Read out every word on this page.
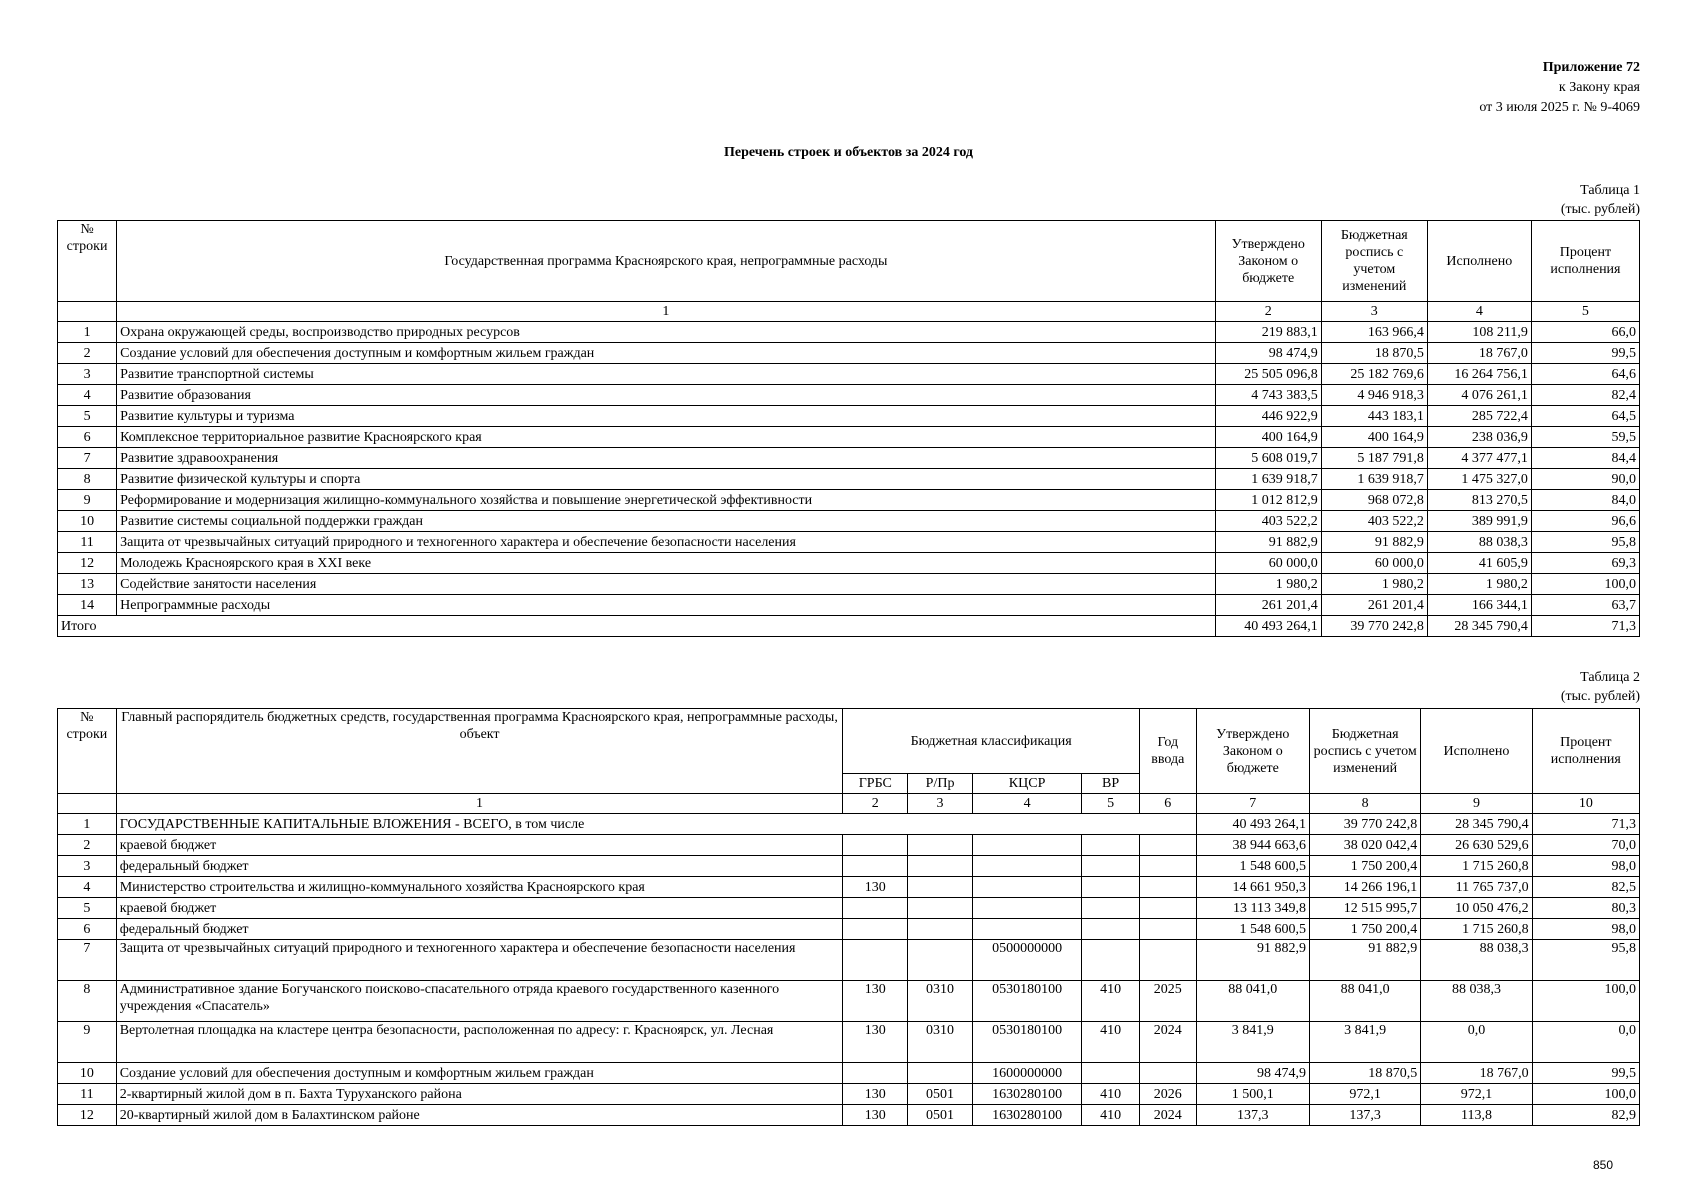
Приложение 72
к Закону края
от 3 июля 2025 г. № 9-4069
Перечень строек и объектов за 2024 год
Таблица 1
(тыс. рублей)
№ строки	Государственная программа Красноярского края, непрограммные расходы	Утверждено Законом о бюджете	Бюджетная роспись с учетом изменений	Исполнено	Процент исполнения
	1	2	3	4	5
1	Охрана окружающей среды, воспроизводство природных ресурсов	219 883,1	163 966,4	108 211,9	66,0
2	Создание условий для обеспечения доступным и комфортным жильем граждан	98 474,9	18 870,5	18 767,0	99,5
3	Развитие транспортной системы	25 505 096,8	25 182 769,6	16 264 756,1	64,6
4	Развитие образования	4 743 383,5	4 946 918,3	4 076 261,1	82,4
5	Развитие культуры и туризма	446 922,9	443 183,1	285 722,4	64,5
6	Комплексное территориальное развитие Красноярского края	400 164,9	400 164,9	238 036,9	59,5
7	Развитие здравоохранения	5 608 019,7	5 187 791,8	4 377 477,1	84,4
8	Развитие физической культуры и спорта	1 639 918,7	1 639 918,7	1 475 327,0	90,0
9	Реформирование и модернизация жилищно-коммунального хозяйства и повышение энергетической эффективности	1 012 812,9	968 072,8	813 270,5	84,0
10	Развитие системы социальной поддержки граждан	403 522,2	403 522,2	389 991,9	96,6
11	Защита от чрезвычайных ситуаций природного и техногенного характера и обеспечение безопасности населения	91 882,9	91 882,9	88 038,3	95,8
12	Молодежь Красноярского края в XXI веке	60 000,0	60 000,0	41 605,9	69,3
13	Содействие занятости населения	1 980,2	1 980,2	1 980,2	100,0
14	Непрограммные расходы	261 201,4	261 201,4	166 344,1	63,7
Итого		40 493 264,1	39 770 242,8	28 345 790,4	71,3
Таблица 2
(тыс. рублей)
№ строки	Главный распорядитель бюджетных средств, государственная программа Красноярского края, непрограммные расходы, объект	Бюджетная классификация				Год ввода	Утверждено Законом о бюджете	Бюджетная роспись с учетом изменений	Исполнено	Процент исполнения
		ГРБС	Р/Пр	КЦСР	ВР					
	1	2	3	4	5	6	7	8	9	10
1	ГОСУДАРСТВЕННЫЕ КАПИТАЛЬНЫЕ ВЛОЖЕНИЯ - ВСЕГО, в том числе						40 493 264,1	39 770 242,8	28 345 790,4	71,3
2	краевой бюджет						38 944 663,6	38 020 042,4	26 630 529,6	70,0
3	федеральный бюджет						1 548 600,5	1 750 200,4	1 715 260,8	98,0
4	Министерство строительства и жилищно-коммунального хозяйства Красноярского края	130					14 661 950,3	14 266 196,1	11 765 737,0	82,5
5	краевой бюджет						13 113 349,8	12 515 995,7	10 050 476,2	80,3
6	федеральный бюджет						1 548 600,5	1 750 200,4	1 715 260,8	98,0
7	Защита от чрезвычайных ситуаций природного и техногенного характера и обеспечение безопасности населения			0500000000			91 882,9	91 882,9	88 038,3	95,8
8	Административное здание Богучанского поисково-спасательного отряда краевого государственного казенного учреждения «Спасатель»	130	0310	0530180100	410	2025	88 041,0	88 041,0	88 038,3	100,0
9	Вертолетная площадка на кластере центра безопасности, расположенная по адресу: г. Красноярск, ул. Лесная	130	0310	0530180100	410	2024	3 841,9	3 841,9	0,0	0,0
10	Создание условий для обеспечения доступным и комфортным жильем граждан			1600000000			98 474,9	18 870,5	18 767,0	99,5
11	2-квартирный жилой дом в п. Бахта Туруханского района	130	0501	1630280100	410	2026	1 500,1	972,1	972,1	100,0
12	20-квартирный жилой дом в Балахтинском районе	130	0501	1630280100	410	2024	137,3	137,3	113,8	82,9
850
